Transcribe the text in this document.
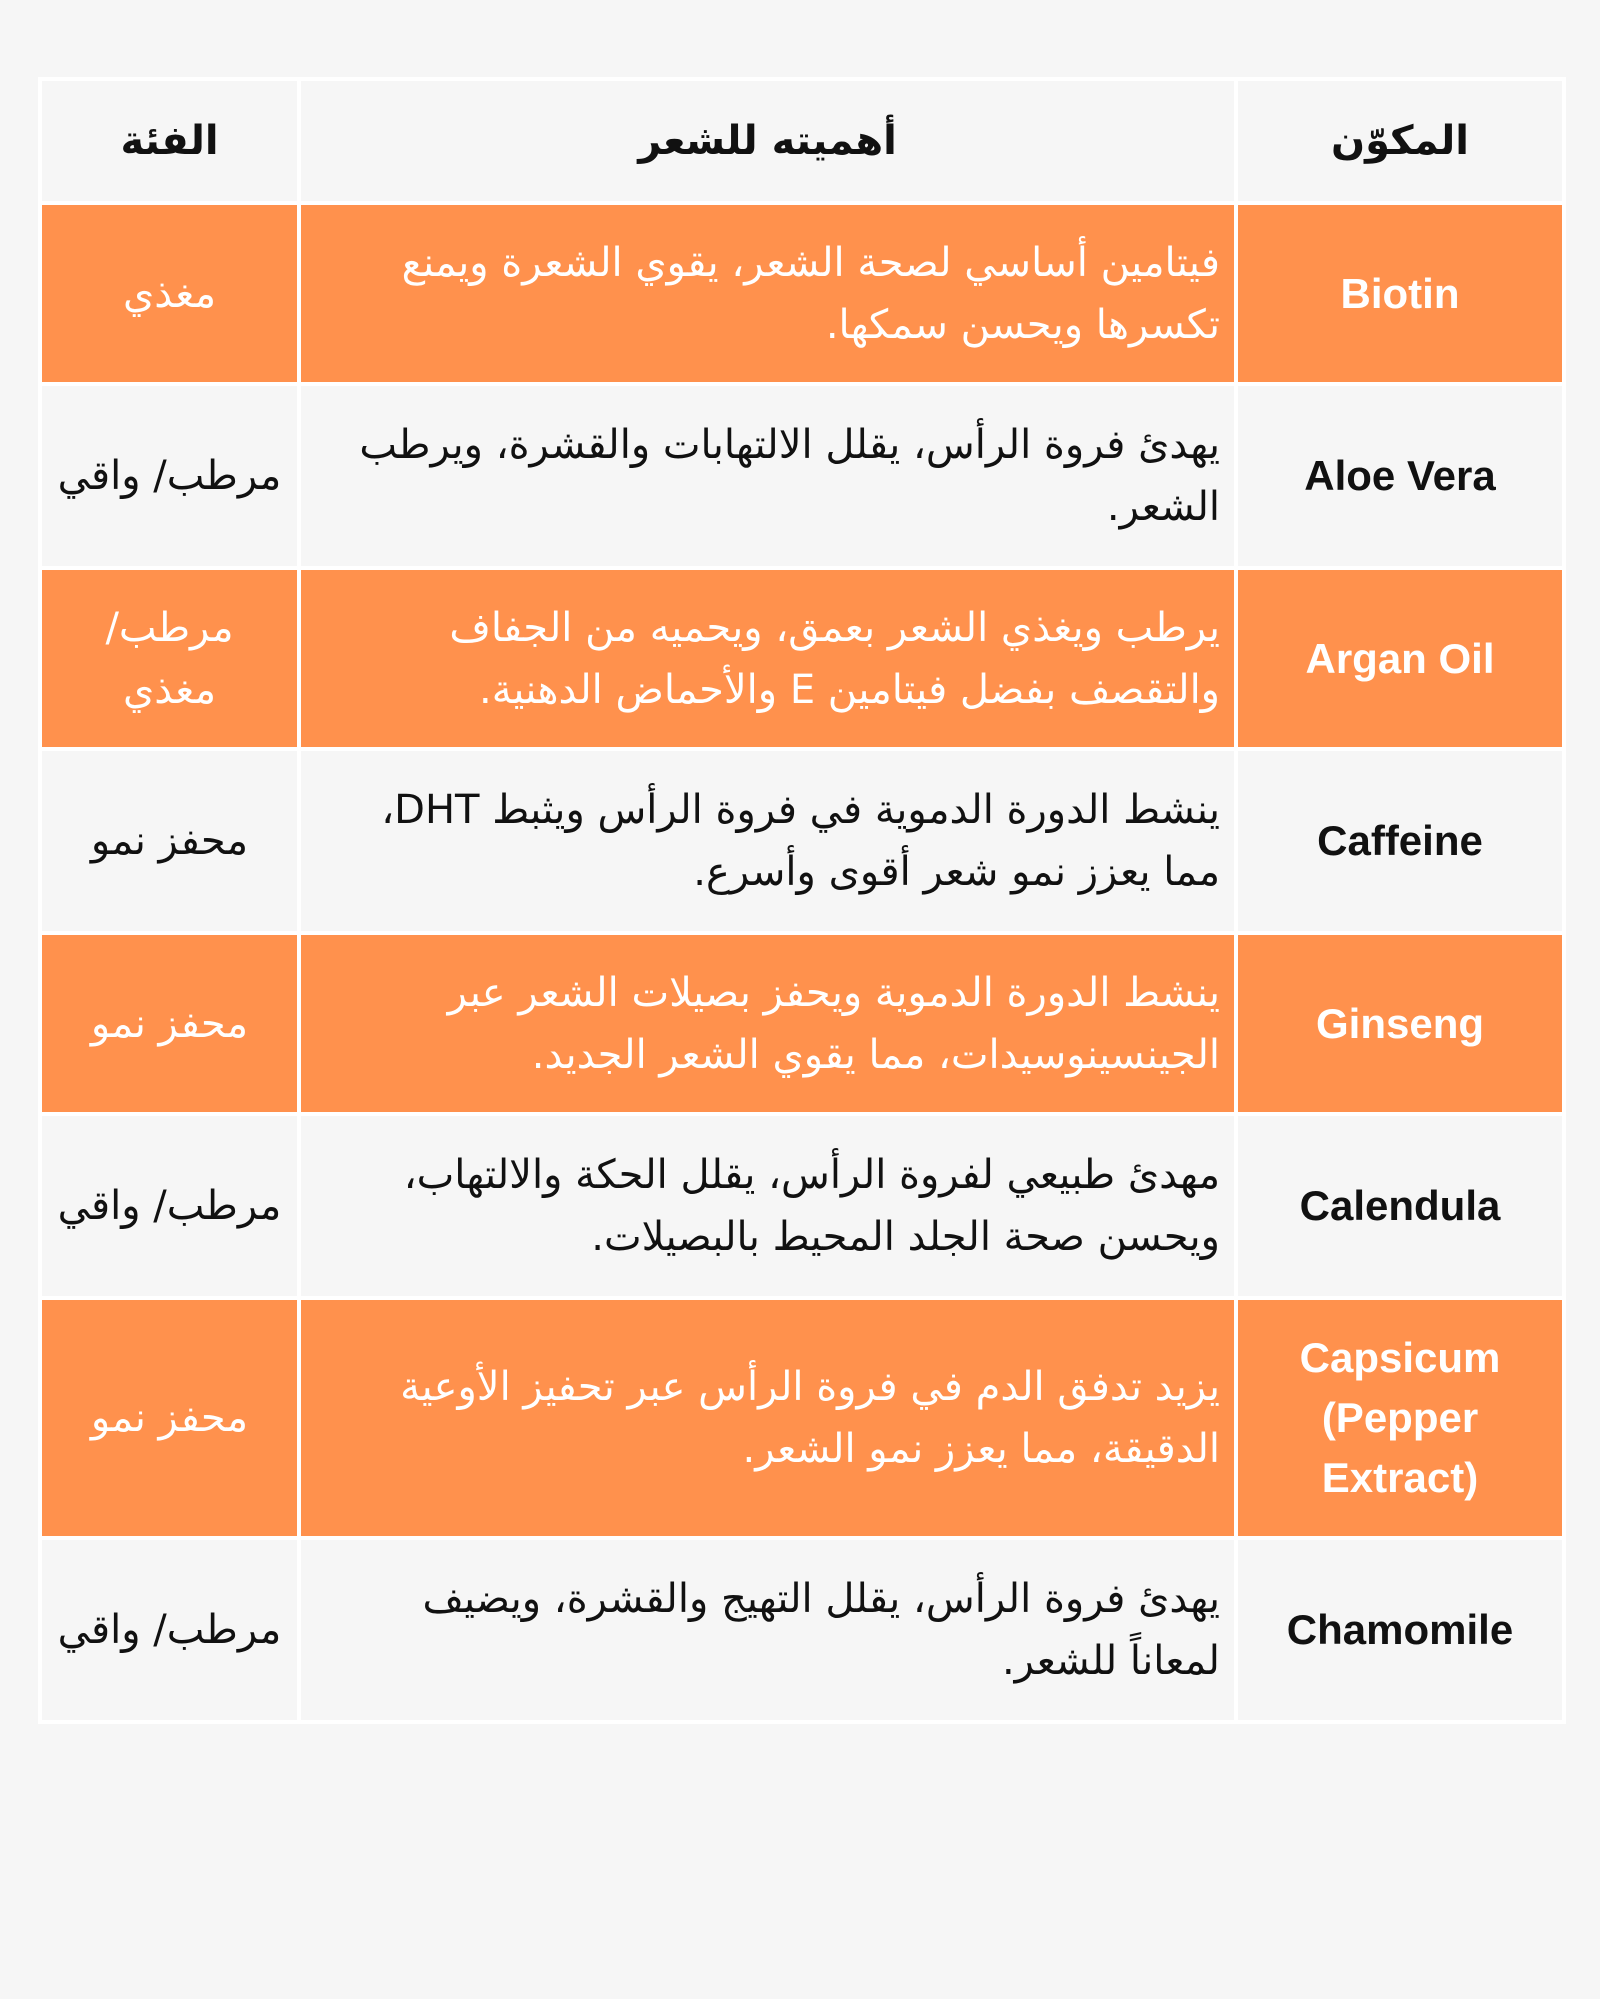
المكوّن	أهميته للشعر	الفئة
Biotin	فيتامين أساسي لصحة الشعر، يقوي الشعرة ويمنع تكسرها ويحسن سمكها.	مغذي
Aloe Vera	يهدئ فروة الرأس، يقلل الالتهابات والقشرة، ويرطب الشعر.	مرطب/ واقي
Argan Oil	يرطب ويغذي الشعر بعمق، ويحميه من الجفاف والتقصف بفضل فيتامين E والأحماض الدهنية.	مرطب/ مغذي
Caffeine	ينشط الدورة الدموية في فروة الرأس ويثبط DHT، مما يعزز نمو شعر أقوى وأسرع.	محفز نمو
Ginseng	ينشط الدورة الدموية ويحفز بصيلات الشعر عبر الجينسينوسيدات، مما يقوي الشعر الجديد.	محفز نمو
Calendula	مهدئ طبيعي لفروة الرأس، يقلل الحكة والالتهاب، ويحسن صحة الجلد المحيط بالبصيلات.	مرطب/ واقي
Capsicum (Pepper Extract)	يزيد تدفق الدم في فروة الرأس عبر تحفيز الأوعية الدقيقة، مما يعزز نمو الشعر.	محفز نمو
Chamomile	يهدئ فروة الرأس، يقلل التهيج والقشرة، ويضيف لمعاناً للشعر.	مرطب/ واقي
